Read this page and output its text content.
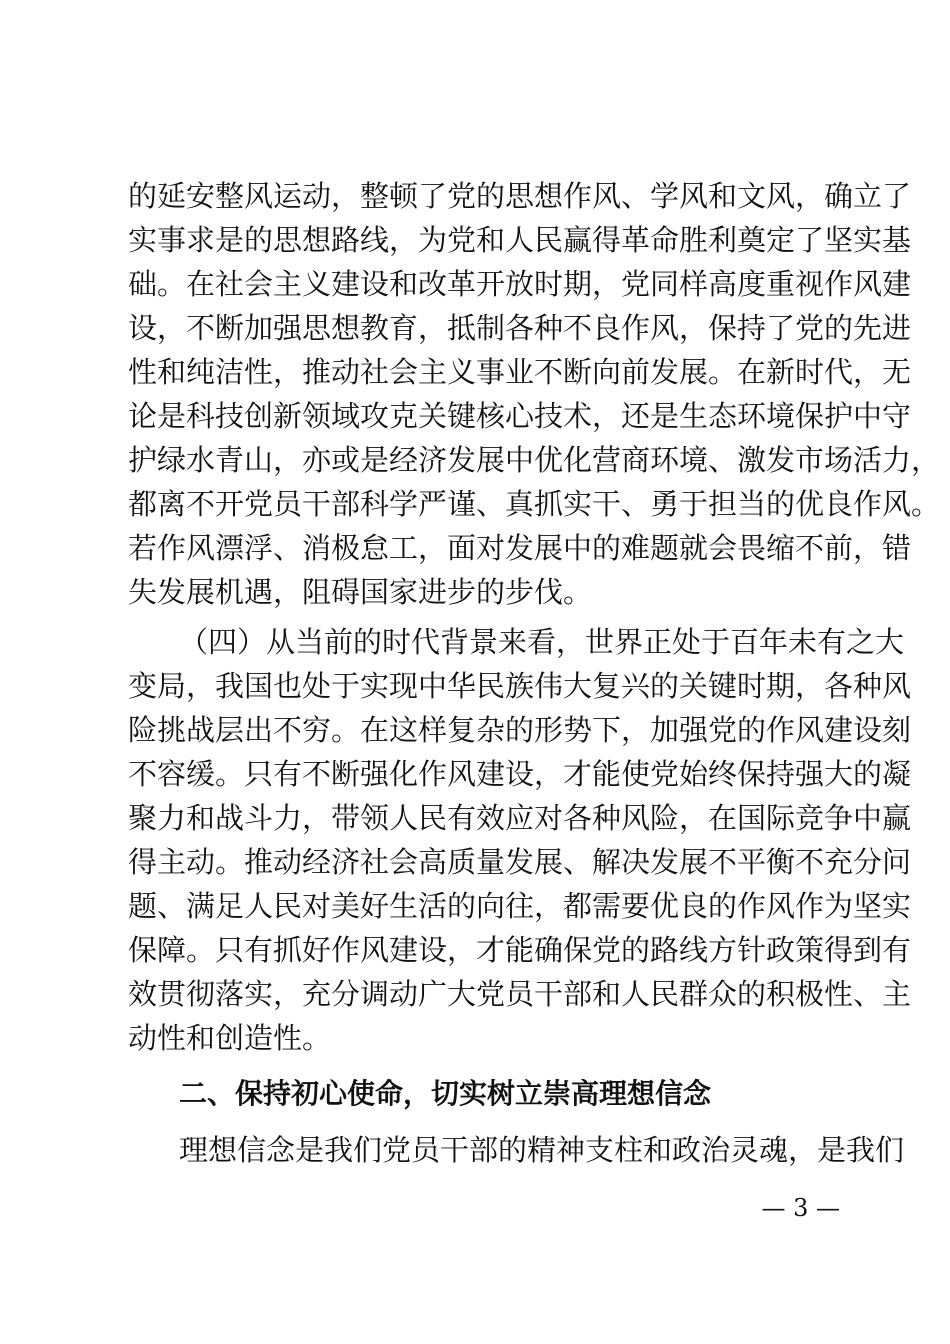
的延安整风运动，整顿了党的思想作风、学风和文风，确立了
实事求是的思想路线，为党和人民赢得革命胜利奠定了坚实基
础。在社会主义建设和改革开放时期，党同样高度重视作风建
设，不断加强思想教育，抵制各种不良作风，保持了党的先进
性和纯洁性，推动社会主义事业不断向前发展。在新时代，无
论是科技创新领域攻克关键核心技术，还是生态环境保护中守
护绿水青山，亦或是经济发展中优化营商环境、激发市场活力，
都离不开党员干部科学严谨、真抓实干、勇于担当的优良作风。
若作风漂浮、消极怠工，面对发展中的难题就会畏缩不前，错
失发展机遇，阻碍国家进步的步伐。
（四）从当前的时代背景来看，世界正处于百年未有之大
变局，我国也处于实现中华民族伟大复兴的关键时期，各种风
险挑战层出不穷。在这样复杂的形势下，加强党的作风建设刻
不容缓。只有不断强化作风建设，才能使党始终保持强大的凝
聚力和战斗力，带领人民有效应对各种风险，在国际竞争中赢
得主动。推动经济社会高质量发展、解决发展不平衡不充分问
题、满足人民对美好生活的向往，都需要优良的作风作为坚实
保障。只有抓好作风建设，才能确保党的路线方针政策得到有
效贯彻落实，充分调动广大党员干部和人民群众的积极性、主
动性和创造性。
二、保持初心使命，切实树立崇高理想信念
理想信念是我们党员干部的精神支柱和政治灵魂，是我们
— 3 —
